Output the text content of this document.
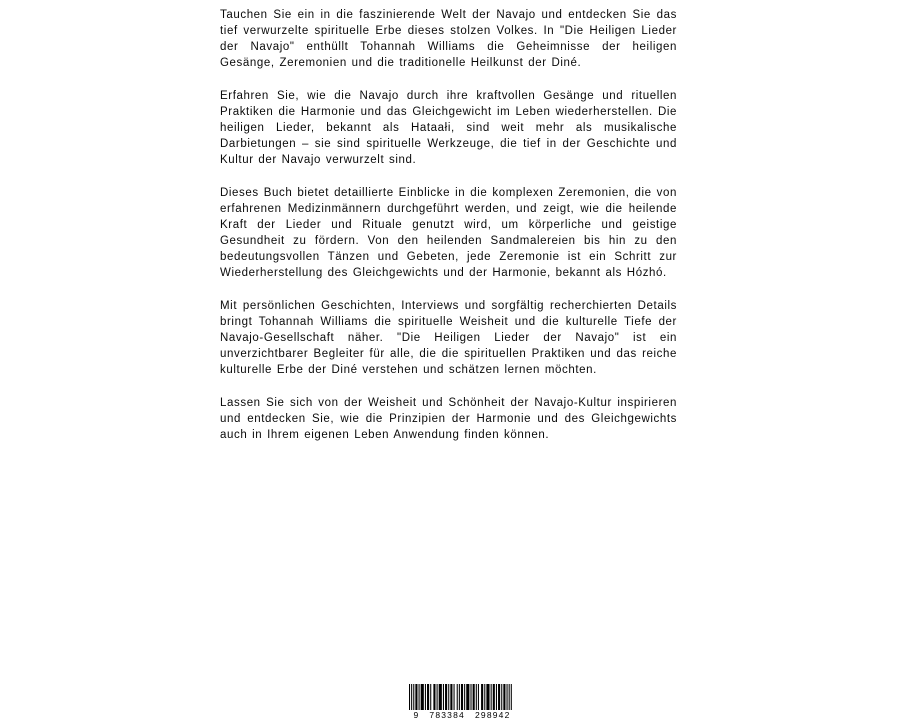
Tauchen Sie ein in die faszinierende Welt der Navajo und entdecken Sie das tief verwurzelte spirituelle Erbe dieses stolzen Volkes. In "Die Heiligen Lieder der Navajo" enthüllt Tohannah Williams die Geheimnisse der heiligen Gesänge, Zeremonien und die traditionelle Heilkunst der Diné.

Erfahren Sie, wie die Navajo durch ihre kraftvollen Gesänge und rituellen Praktiken die Harmonie und das Gleichgewicht im Leben wiederherstellen. Die heiligen Lieder, bekannt als Hataałi, sind weit mehr als musikalische Darbietungen – sie sind spirituelle Werkzeuge, die tief in der Geschichte und Kultur der Navajo verwurzelt sind.

Dieses Buch bietet detaillierte Einblicke in die komplexen Zeremonien, die von erfahrenen Medizinmännern durchgeführt werden, und zeigt, wie die heilende Kraft der Lieder und Rituale genutzt wird, um körperliche und geistige Gesundheit zu fördern. Von den heilenden Sandmalereien bis hin zu den bedeutungsvollen Tänzen und Gebeten, jede Zeremonie ist ein Schritt zur Wiederherstellung des Gleichgewichts und der Harmonie, bekannt als Hózhó.

Mit persönlichen Geschichten, Interviews und sorgfältig recherchierten Details bringt Tohannah Williams die spirituelle Weisheit und die kulturelle Tiefe der Navajo-Gesellschaft näher. "Die Heiligen Lieder der Navajo" ist ein unverzichtbarer Begleiter für alle, die die spirituellen Praktiken und das reiche kulturelle Erbe der Diné verstehen und schätzen lernen möchten.

Lassen Sie sich von der Weisheit und Schönheit der Navajo-Kultur inspirieren und entdecken Sie, wie die Prinzipien der Harmonie und des Gleichgewichts auch in Ihrem eigenen Leben Anwendung finden können.

9 783384 298942
